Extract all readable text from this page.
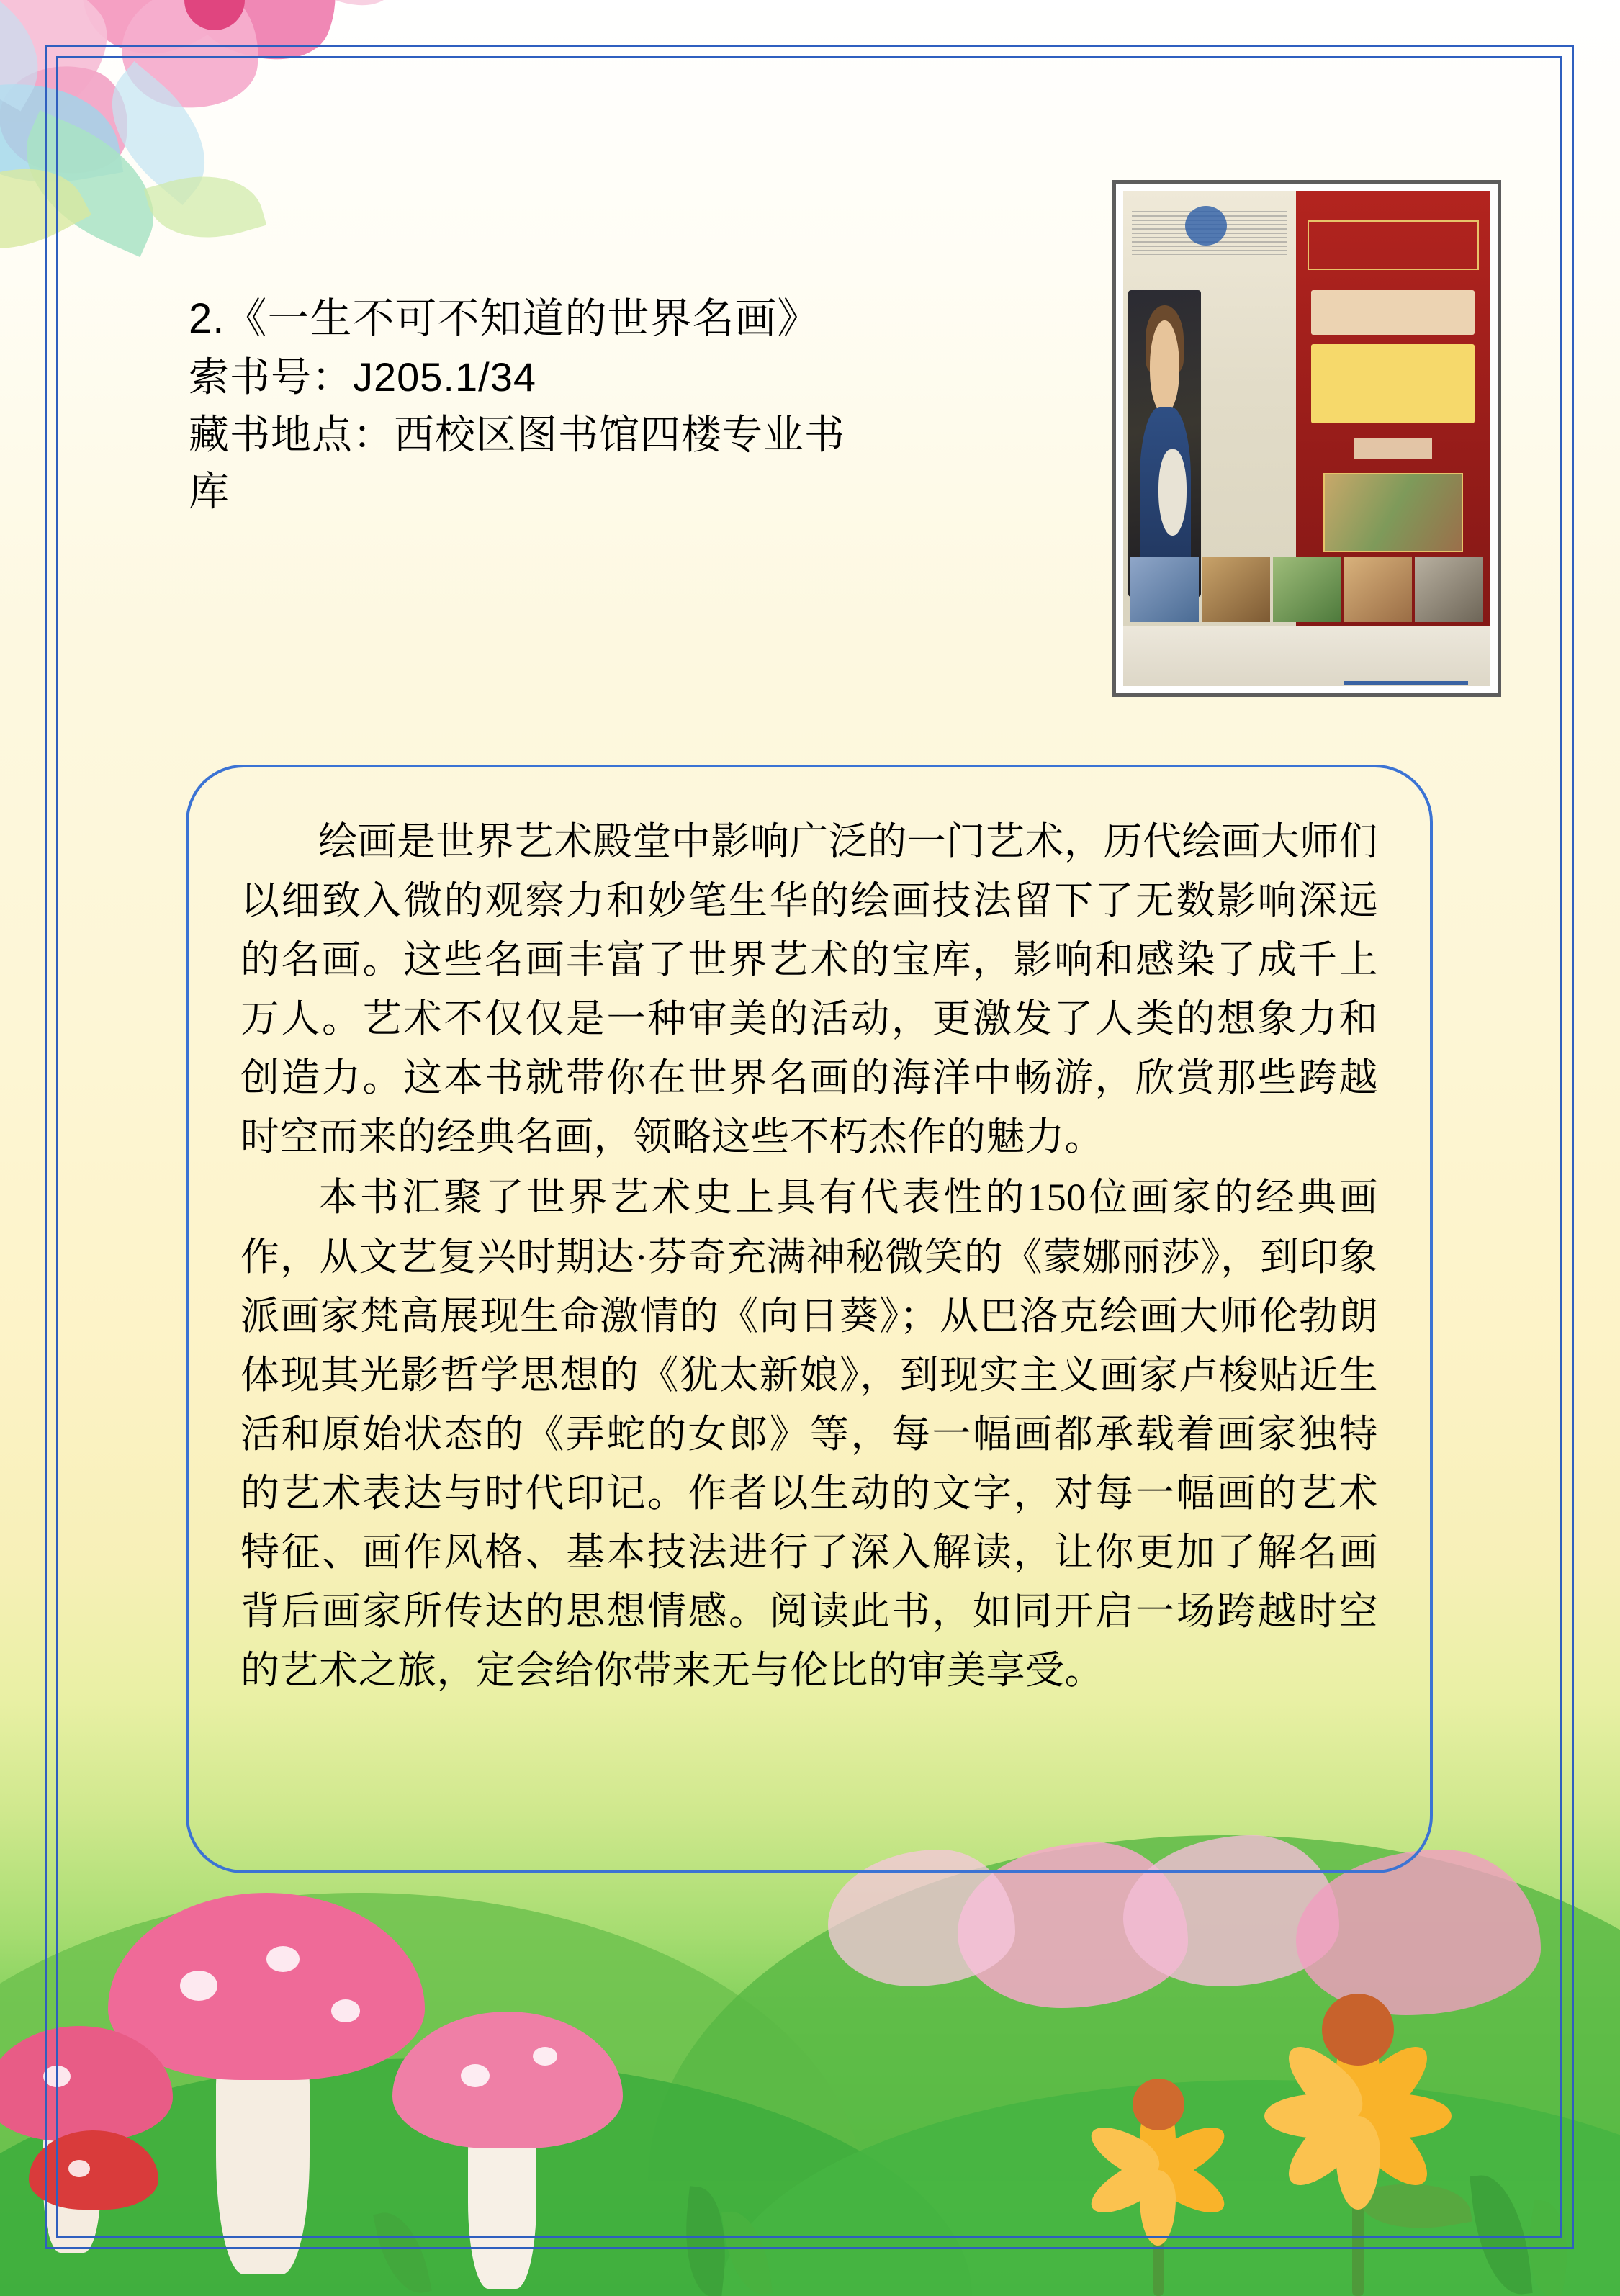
2.《一生不可不知道的世界名画》
索书号：J205.1/34
藏书地点：西校区图书馆四楼专业书
库

绘画是世界艺术殿堂中影响广泛的一门艺术，历代绘画大师们以细致入微的观察力和妙笔生华的绘画技法留下了无数影响深远的名画。这些名画丰富了世界艺术的宝库，影响和感染了成千上万人。艺术不仅仅是一种审美的活动，更激发了人类的想象力和创造力。这本书就带你在世界名画的海洋中畅游，欣赏那些跨越时空而来的经典名画，领略这些不朽杰作的魅力。

本书汇聚了世界艺术史上具有代表性的150位画家的经典画作，从文艺复兴时期达·芬奇充满神秘微笑的《蒙娜丽莎》，到印象派画家梵高展现生命激情的《向日葵》；从巴洛克绘画大师伦勃朗体现其光影哲学思想的《犹太新娘》，到现实主义画家卢梭贴近生活和原始状态的《弄蛇的女郎》等，每一幅画都承载着画家独特的艺术表达与时代印记。作者以生动的文字，对每一幅画的艺术特征、画作风格、基本技法进行了深入解读，让你更加了解名画背后画家所传达的思想情感。阅读此书，如同开启一场跨越时空的艺术之旅，定会给你带来无与伦比的审美享受。
